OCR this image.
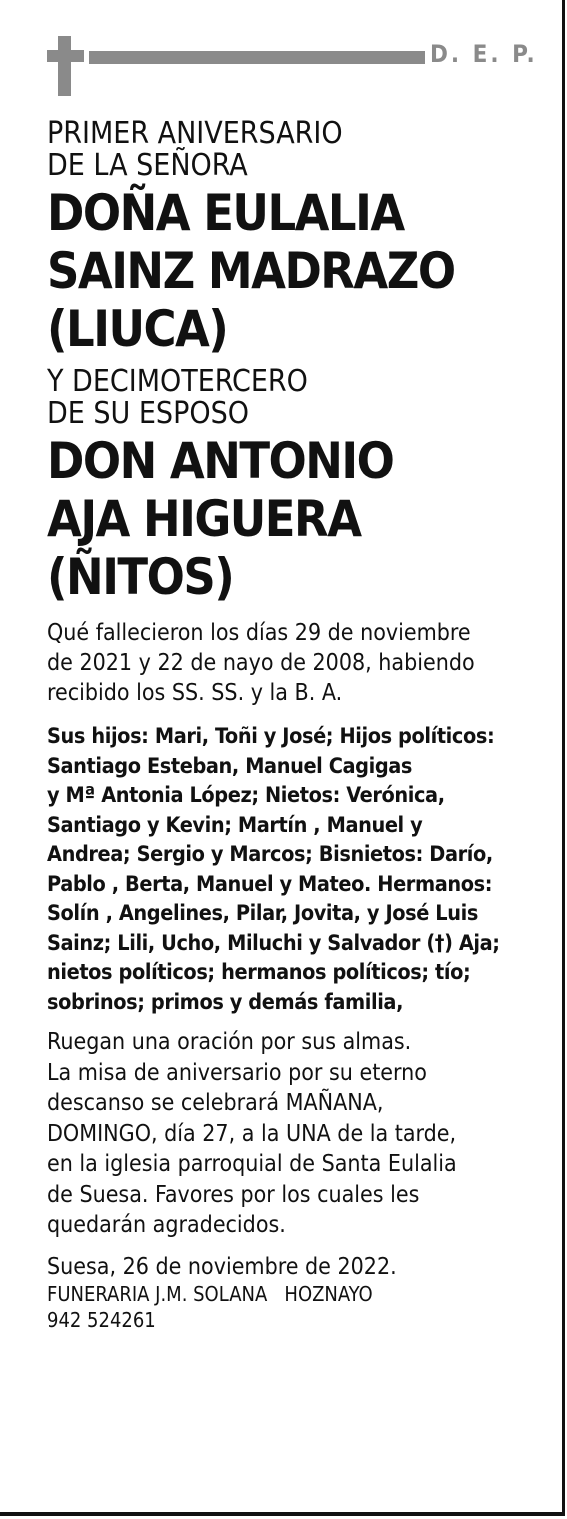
D. E. P.

PRIMER ANIVERSARIO
DE LA SEÑORA

DOÑA EULALIA
SAINZ MADRAZO
(LIUCA)

Y DECIMOTERCERO
DE SU ESPOSO

DON ANTONIO
AJA HIGUERA
(ÑITOS)

Qué fallecieron los días 29 de noviembre
de 2021 y 22 de nayo de 2008, habiendo
recibido los SS. SS. y la B. A.

Sus hijos: Mari, Toñi y José; Hijos políticos:
Santiago Esteban, Manuel Cagigas
y Mª Antonia López; Nietos: Verónica,
Santiago y Kevin; Martín , Manuel y
Andrea; Sergio y Marcos; Bisnietos: Darío,
Pablo , Berta, Manuel y Mateo. Hermanos:
Solín , Angelines, Pilar, Jovita, y José Luis
Sainz; Lili, Ucho, Miluchi y Salvador (†) Aja;
nietos políticos; hermanos políticos; tío;
sobrinos; primos y demás familia,

Ruegan una oración por sus almas.
La misa de aniversario por su eterno
descanso se celebrará MAÑANA,
DOMINGO, día 27, a la UNA de la tarde,
en la iglesia parroquial de Santa Eulalia
de Suesa. Favores por los cuales les
quedarán agradecidos.

Suesa, 26 de noviembre de 2022.

FUNERARIA J.M. SOLANA   HOZNAYO

942 524261
